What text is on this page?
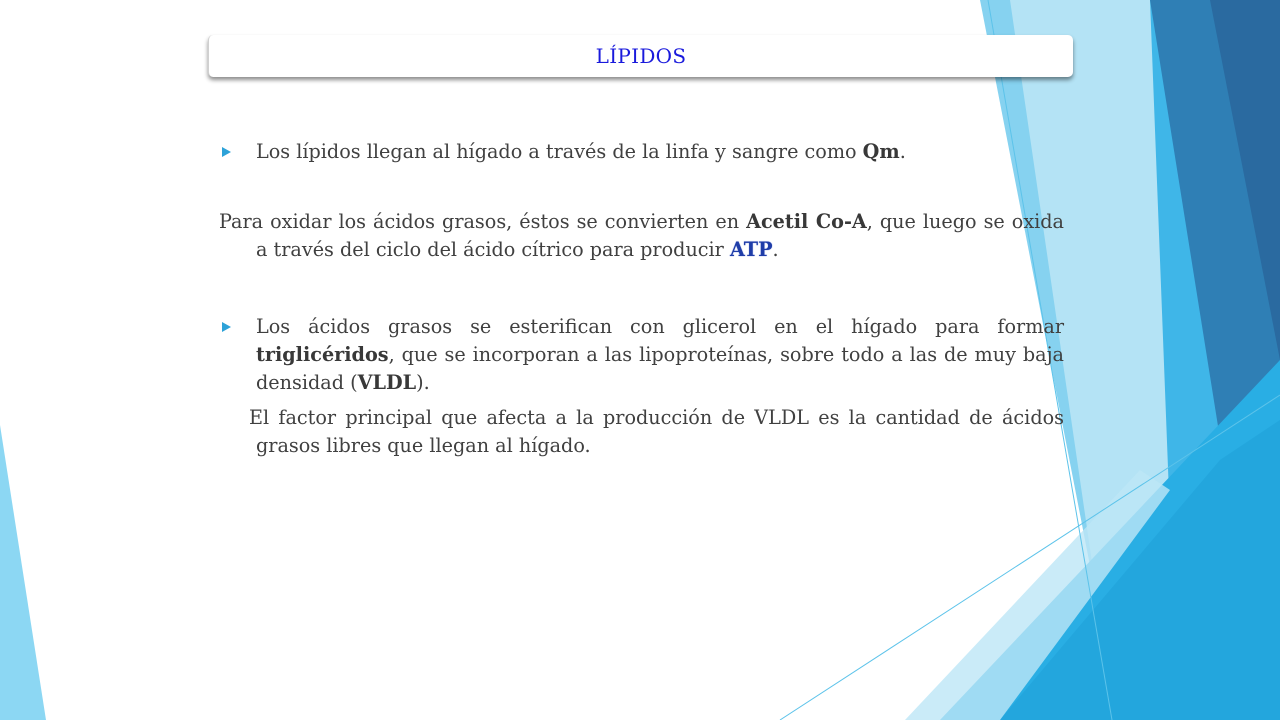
LÍPIDOS
Los lípidos llegan al hígado a través de la linfa y sangre como Qm.
Para oxidar los ácidos grasos, éstos se convierten en Acetil Co-A, que luego se oxida a través del ciclo del ácido cítrico para producir ATP.
Los ácidos grasos se esterifican con glicerol en el hígado para formar triglicéridos, que se incorporan a las lipoproteínas, sobre todo a las de muy baja densidad (VLDL).
El factor principal que afecta a la producción de VLDL es la cantidad de ácidos grasos libres que llegan al hígado.
